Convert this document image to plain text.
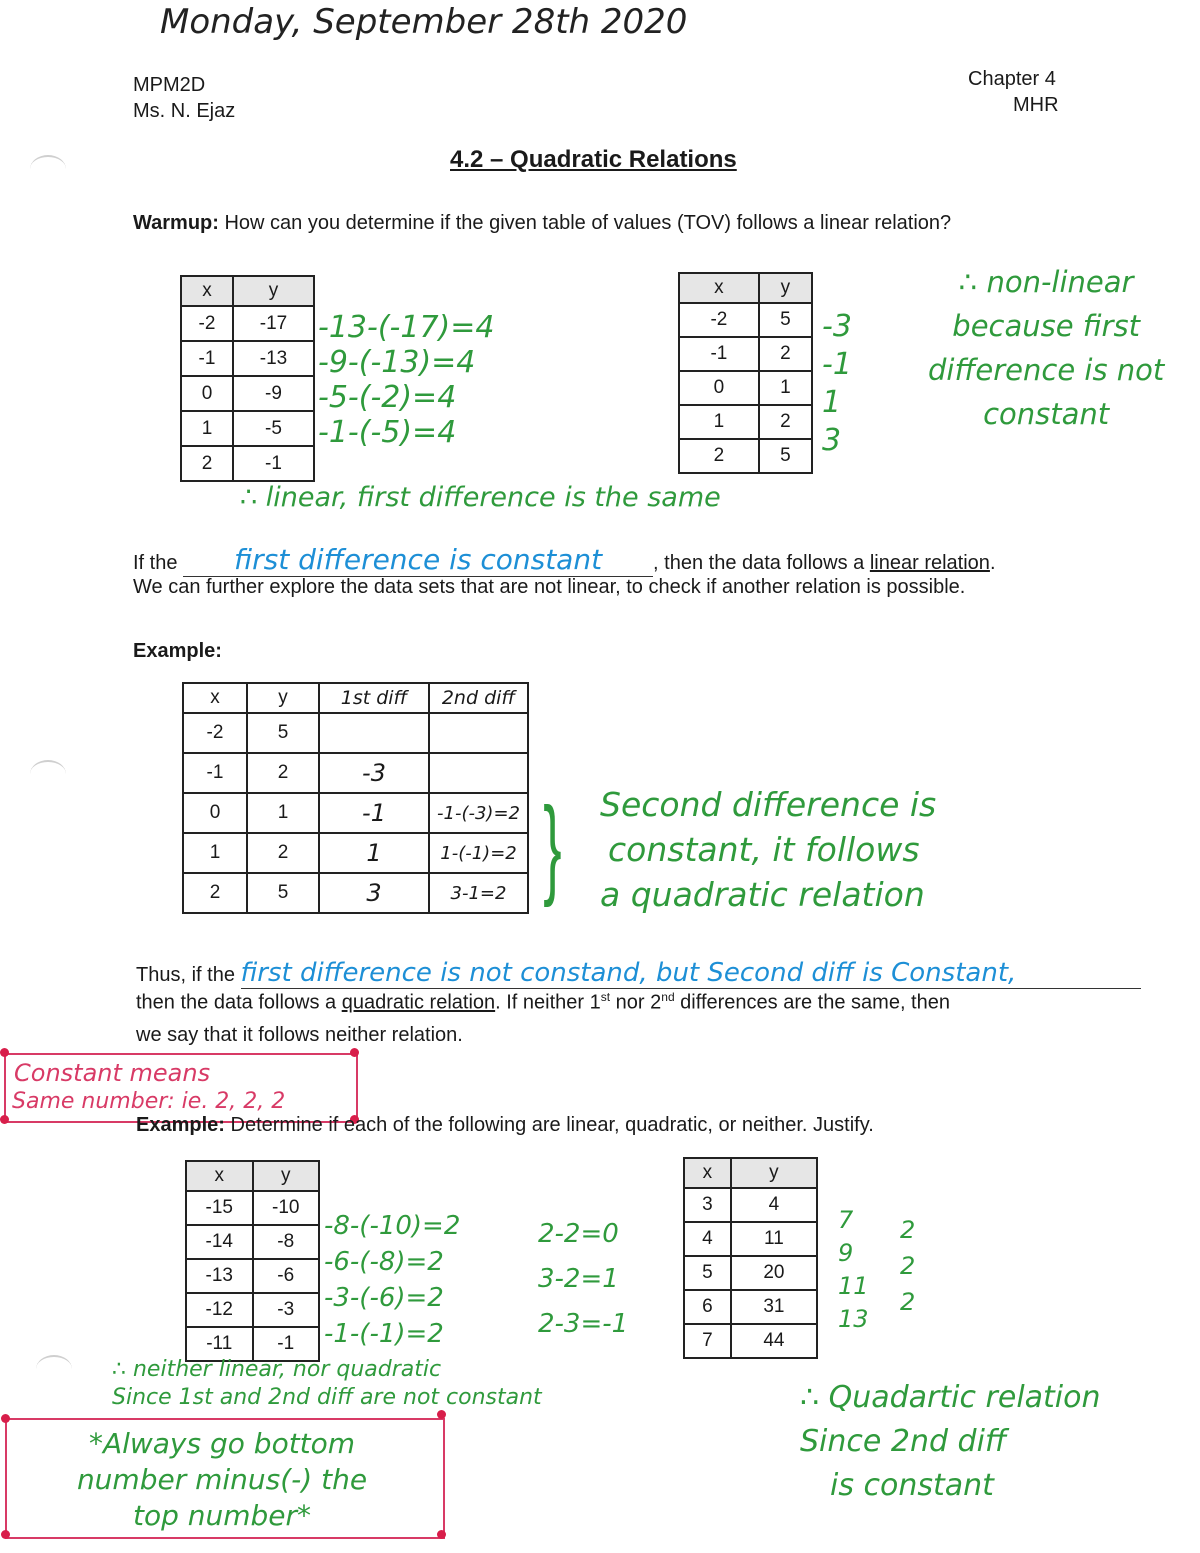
Monday, September 28th 2020
MPM2D
Ms. N. Ejaz
Chapter 4
MHR
4.2 – Quadratic Relations
Warmup: How can you determine if the given table of values (TOV) follows a linear relation?
x	y
-2	-17
-1	-13
0	-9
1	-5
2	-1
-13-(-17)=4
-9-(-13)=4
-5-(-2)=4
-1-(-5)=4
∴ linear, first difference is the same
x	y
-2	5
-1	2
0	1
1	2
2	5
-3
-1
1
3
∴ non-linear
because first
difference is not
constant
If the first difference is constant	, then the data follows a linear relation.
We can further explore the data sets that are not linear, to check if another relation is possible.
Example:
x	y	1st diff	2nd diff
-2	5		
-1	2	-3	
0	1	-1	-1-(-3)=2
1	2	1	1-(-1)=2
2	5	3	3-1=2 } Second difference is
constant, it follows
a quadratic relation
Thus, if the first difference is not constand, but Second diff is Constant,
then the data follows a quadratic relation. If neither 1st nor 2nd differences are the same, then
we say that it follows neither relation.
Constant means
Same number: ie. 2, 2, 2
Example: Determine if each of the following are linear, quadratic, or neither. Justify.
x	y
-15	-10
-14	-8
-13	-6
-12	-3
-11	-1
-8-(-10)=2
-6-(-8)=2
-3-(-6)=2
-1-(-1)=2
2-2=0
3-2=1
2-3=-1
∴ neither linear, nor quadratic
Since 1st and 2nd diff are not constant
x	y
3	4
4	11
5	20
6	31
7	44
7
9
11
13
2
2
2
∴ Quadartic relation
Since 2nd diff
is constant
*Always go bottom
number minus(-) the
top number*
